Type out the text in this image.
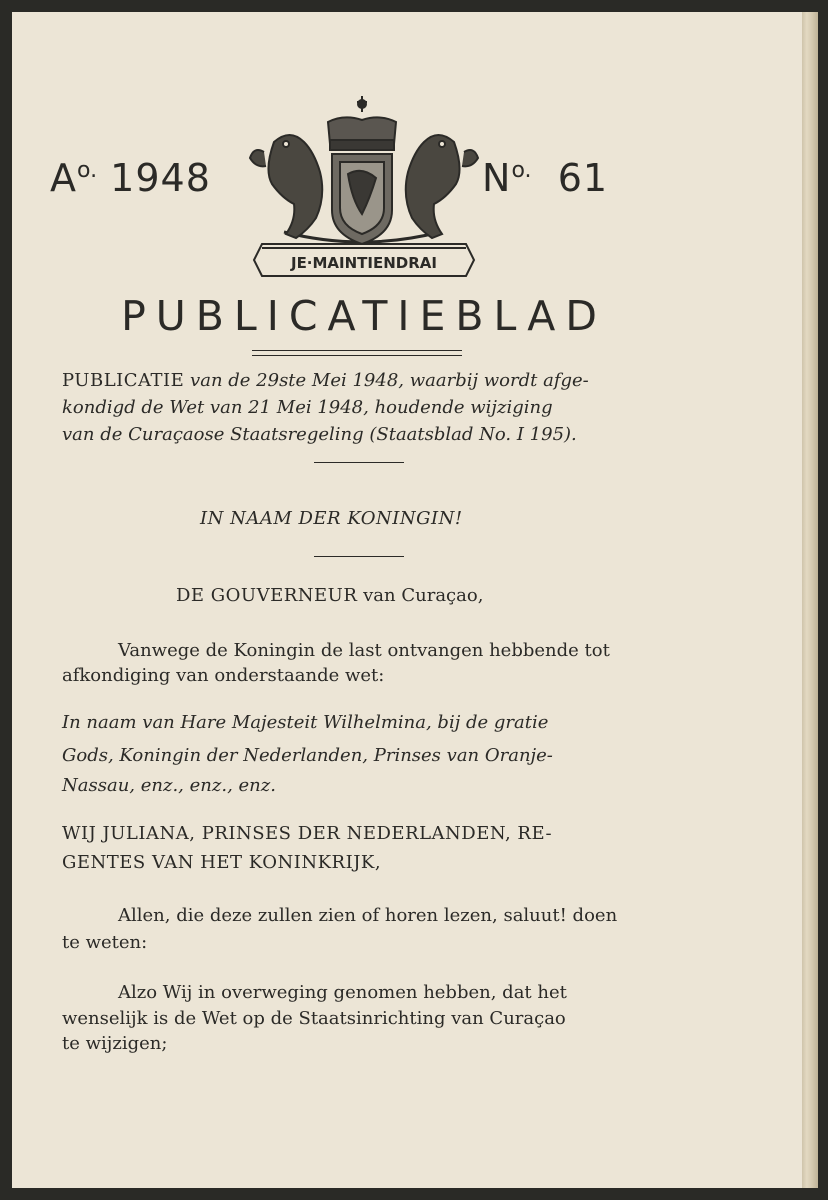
$A^{o.}$ 1948
JE·MAINTIENDRAI
$N^{o.}$ 61
PUBLICATIEBLAD
PUBLICATIE van de 29ste Mei 1948, waarbij wordt afge-
kondigd de Wet van 21 Mei 1948, houdende wijziging
van de Curaçaose Staatsregeling (Staatsblad No. I 195).
IN NAAM DER KONINGIN!
DE GOUVERNEUR van Curaçao,
Vanwege de Koningin de last ontvangen hebbende tot
afkondiging van onderstaande wet:
In naam van Hare Majesteit Wilhelmina, bij de gratie
Gods, Koningin der Nederlanden, Prinses van Oranje-
Nassau, enz., enz., enz.
WIJ JULIANA, PRINSES DER NEDERLANDEN, RE-
GENTES VAN HET KONINKRIJK,
Allen, die deze zullen zien of horen lezen, saluut! doen
te weten:
Alzo Wij in overweging genomen hebben, dat het
wenselijk is de Wet op de Staatsinrichting van Curaçao
te wijzigen;
